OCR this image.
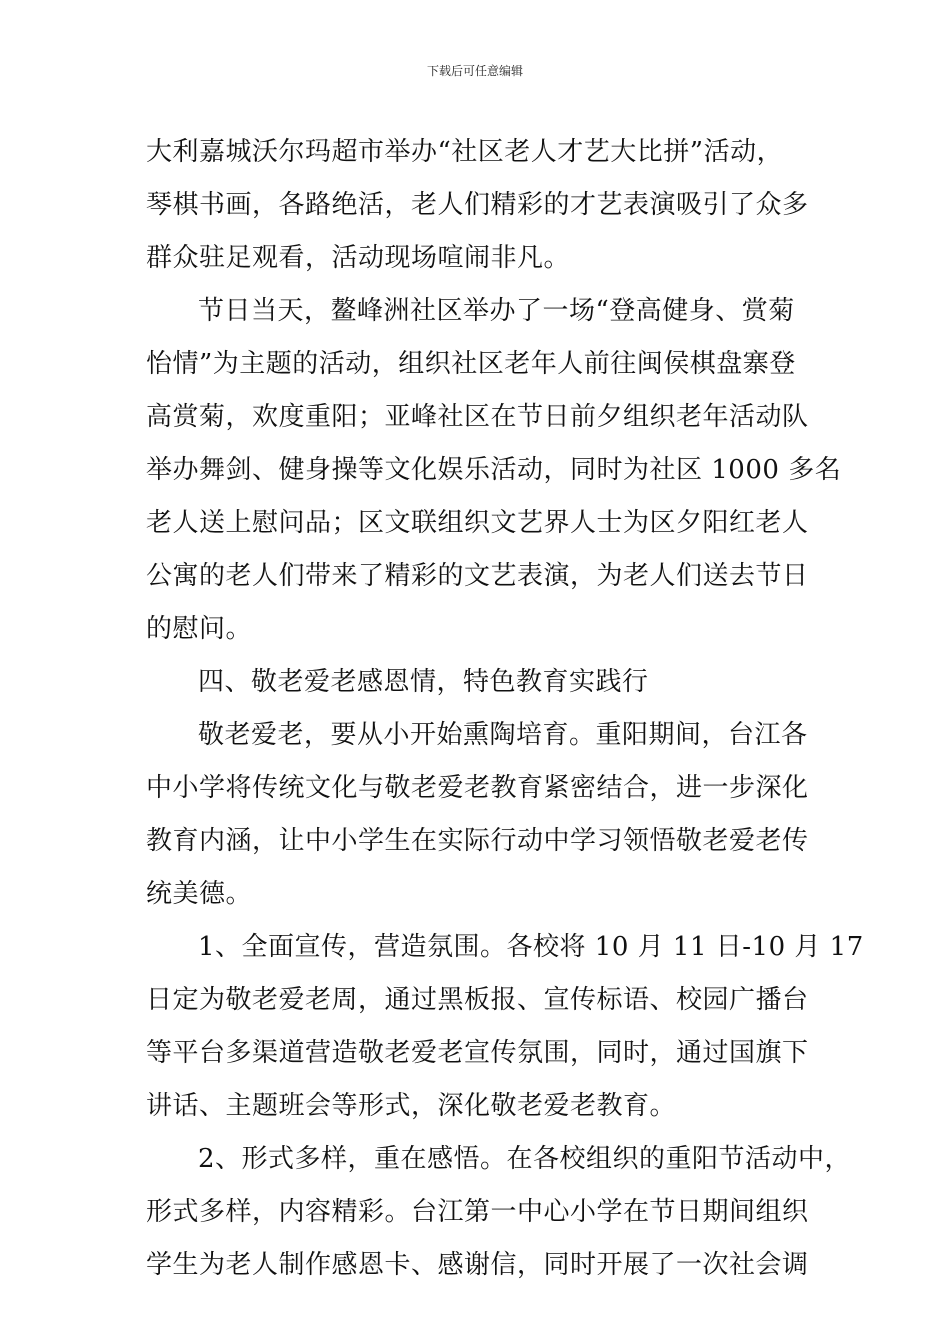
下载后可任意编辑
大利嘉城沃尔玛超市举办“社区老人才艺大比拼”活动，
琴棋书画，各路绝活，老人们精彩的才艺表演吸引了众多
群众驻足观看，活动现场喧闹非凡。
节日当天，鳌峰洲社区举办了一场“登高健身、赏菊
怡情”为主题的活动，组织社区老年人前往闽侯棋盘寨登
高赏菊，欢度重阳；亚峰社区在节日前夕组织老年活动队
举办舞剑、健身操等文化娱乐活动，同时为社区 1000 多名
老人送上慰问品；区文联组织文艺界人士为区夕阳红老人
公寓的老人们带来了精彩的文艺表演，为老人们送去节日
的慰问。
四、敬老爱老感恩情，特色教育实践行
敬老爱老，要从小开始熏陶培育。重阳期间，台江各
中小学将传统文化与敬老爱老教育紧密结合，进一步深化
教育内涵，让中小学生在实际行动中学习领悟敬老爱老传
统美德。
1、全面宣传，营造氛围。各校将 10 月 11 日-10 月 17
日定为敬老爱老周，通过黑板报、宣传标语、校园广播台
等平台多渠道营造敬老爱老宣传氛围，同时，通过国旗下
讲话、主题班会等形式，深化敬老爱老教育。
2、形式多样，重在感悟。在各校组织的重阳节活动中，
形式多样，内容精彩。台江第一中心小学在节日期间组织
学生为老人制作感恩卡、感谢信，同时开展了一次社会调
